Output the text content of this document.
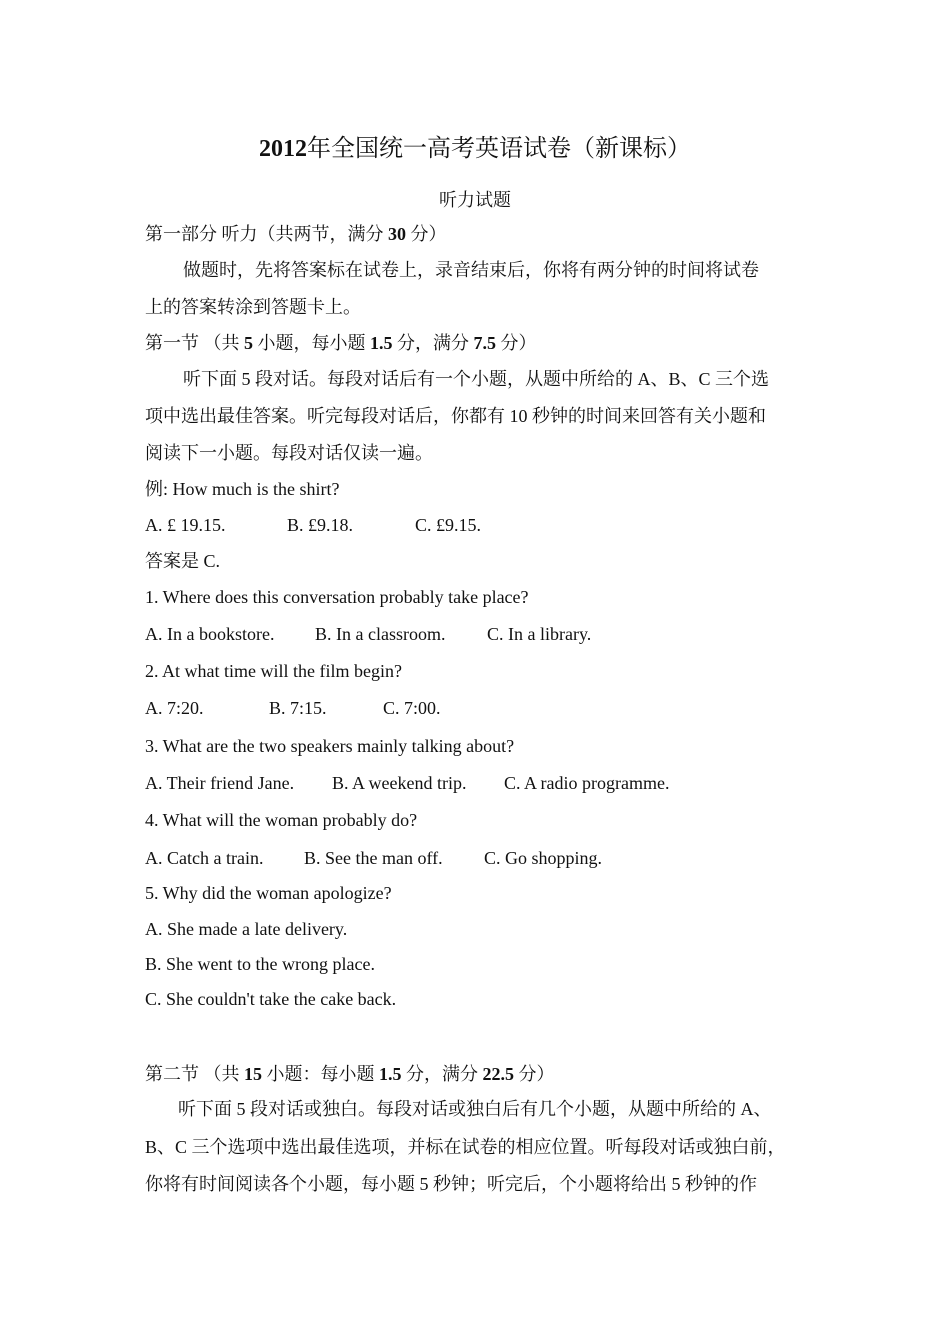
2012年全国统一高考英语试卷（新课标）
听力试题
第一部分 听力（共两节，满分 30 分）
做题时，先将答案标在试卷上，录音结束后，你将有两分钟的时间将试卷
上的答案转涂到答题卡上。
第一节 （共 5 小题，每小题 1.5 分，满分 7.5 分）
听下面 5 段对话。每段对话后有一个小题，从题中所给的 A、B、C 三个选
项中选出最佳答案。听完每段对话后，你都有 10 秒钟的时间来回答有关小题和
阅读下一小题。每段对话仅读一遍。
例: How much is the shirt?
A. £ 19.15.	B. £9.18.	C. £9.15.
答案是 C.
1. Where does this conversation probably take place?
A. In a bookstore. B. In a classroom. C. In a library.
2. At what time will the film begin?
A. 7:20.	B. 7:15.	C. 7:00.
3. What are the two speakers mainly talking about?
A. Their friend Jane. B. A weekend trip. C. A radio programme.
4. What will the woman probably do?
A. Catch a train. B. See the man off. C. Go shopping.
5. Why did the woman apologize?
A. She made a late delivery.
B. She went to the wrong place.
C. She couldn't take the cake back.
第二节 （共 15 小题：每小题 1.5 分，满分 22.5 分）
听下面 5 段对话或独白。每段对话或独白后有几个小题，从题中所给的 A、
B、C 三个选项中选出最佳选项，并标在试卷的相应位置。听每段对话或独白前，
你将有时间阅读各个小题，每小题 5 秒钟；听完后，个小题将给出 5 秒钟的作
